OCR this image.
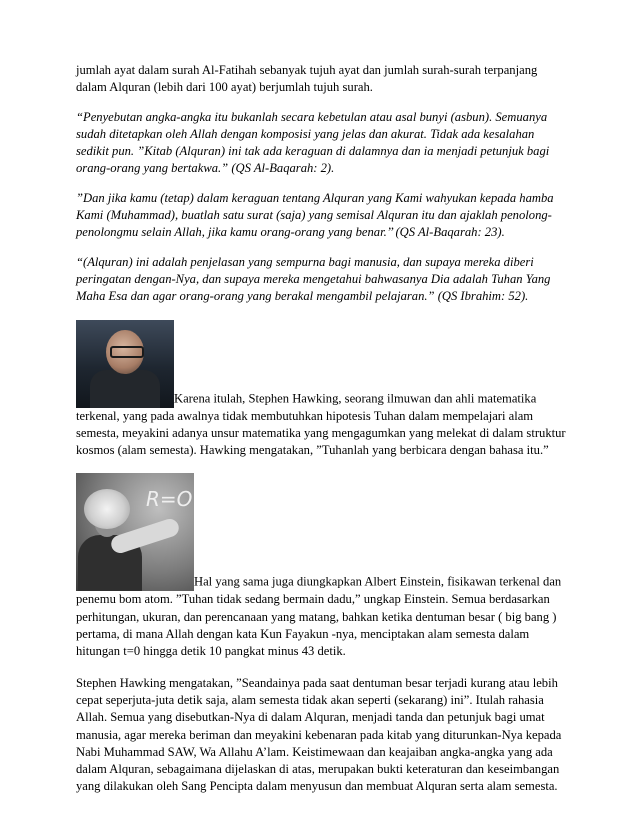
jumlah ayat dalam surah Al-Fatihah sebanyak tujuh ayat dan jumlah surah-surah terpanjang dalam Alquran (lebih dari 100 ayat) berjumlah tujuh surah.

“Penyebutan angka-angka itu bukanlah secara kebetulan atau asal bunyi (asbun). Semuanya sudah ditetapkan oleh Allah dengan komposisi yang jelas dan akurat. Tidak ada kesalahan sedikit pun. ”Kitab (Alquran) ini tak ada keraguan di dalamnya dan ia menjadi petunjuk bagi orang-orang yang bertakwa.” (QS Al-Baqarah: 2).

”Dan jika kamu (tetap) dalam keraguan tentang Alquran yang Kami wahyukan kepada hamba Kami (Muhammad), buatlah satu surat (saja) yang semisal Alquran itu dan ajaklah penolong-penolongmu selain Allah, jika kamu orang-orang yang benar.’’ (QS Al-Baqarah: 23).

“(Alquran) ini adalah penjelasan yang sempurna bagi manusia, dan supaya mereka diberi peringatan dengan-Nya, dan supaya mereka mengetahui bahwasanya Dia adalah Tuhan Yang Maha Esa dan agar orang-orang yang berakal mengambil pelajaran.” (QS Ibrahim: 52).

Karena itulah, Stephen Hawking, seorang ilmuwan dan ahli matematika terkenal, yang pada awalnya tidak membutuhkan hipotesis Tuhan dalam mempelajari alam semesta, meyakini adanya unsur matematika yang mengagumkan yang melekat di dalam struktur kosmos (alam semesta). Hawking mengatakan, ”Tuhanlah yang berbicara dengan bahasa itu.”

R=O
Hal yang sama juga diungkapkan Albert Einstein, fisikawan terkenal dan penemu bom atom. ”Tuhan tidak sedang bermain dadu,” ungkap Einstein. Semua berdasarkan perhitungan, ukuran, dan perencanaan yang matang, bahkan ketika dentuman besar ( big bang ) pertama, di mana Allah dengan kata Kun Fayakun -nya, menciptakan alam semesta dalam hitungan t=0 hingga detik 10 pangkat minus 43 detik.

Stephen Hawking mengatakan, ”Seandainya pada saat dentuman besar terjadi kurang atau lebih cepat seperjuta-juta detik saja, alam semesta tidak akan seperti (sekarang) ini”. Itulah rahasia Allah. Semua yang disebutkan-Nya di dalam Alquran, menjadi tanda dan petunjuk bagi umat manusia, agar mereka beriman dan meyakini kebenaran pada kitab yang diturunkan-Nya kepada Nabi Muhammad SAW, Wa Allahu A’lam. Keistimewaan dan keajaiban angka-angka yang ada dalam Alquran, sebagaimana dijelaskan di atas, merupakan bukti keteraturan dan keseimbangan yang dilakukan oleh Sang Pencipta dalam menyusun dan membuat Alquran serta alam semesta.
